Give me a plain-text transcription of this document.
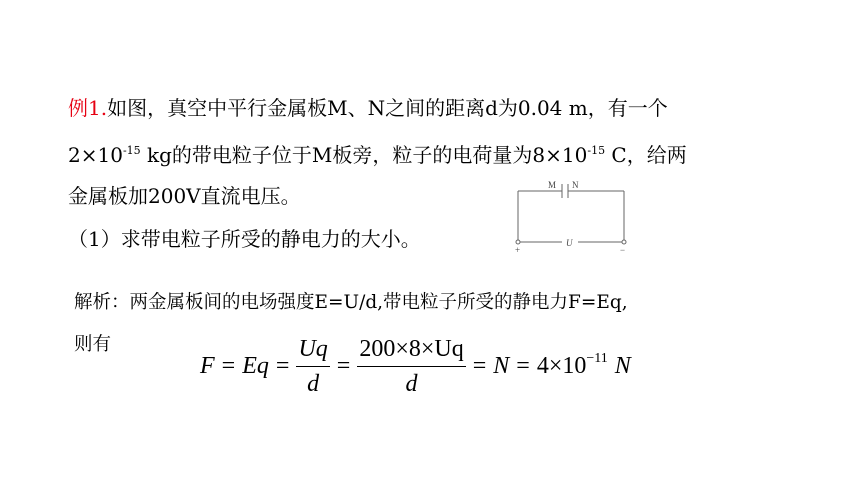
例1.如图，真空中平行金属板M、N之间的距离d为0.04 m，有一个
$2\times 10^{-15}$ kg的带电粒子位于M板旁，粒子的电荷量为$8\times 10^{-15}$ C，给两
金属板加200V直流电压。
（1）求带电粒子所受的静电力的大小。
M N
U
+	−
解析：两金属板间的电场强度E=U/d,带电粒子所受的静电力F=Eq,
则有
$F = Eq = \frac{Uq}{d} = \frac{200\times 8\times Uq}{d} = N = 4\times 10^{-11}$ N
